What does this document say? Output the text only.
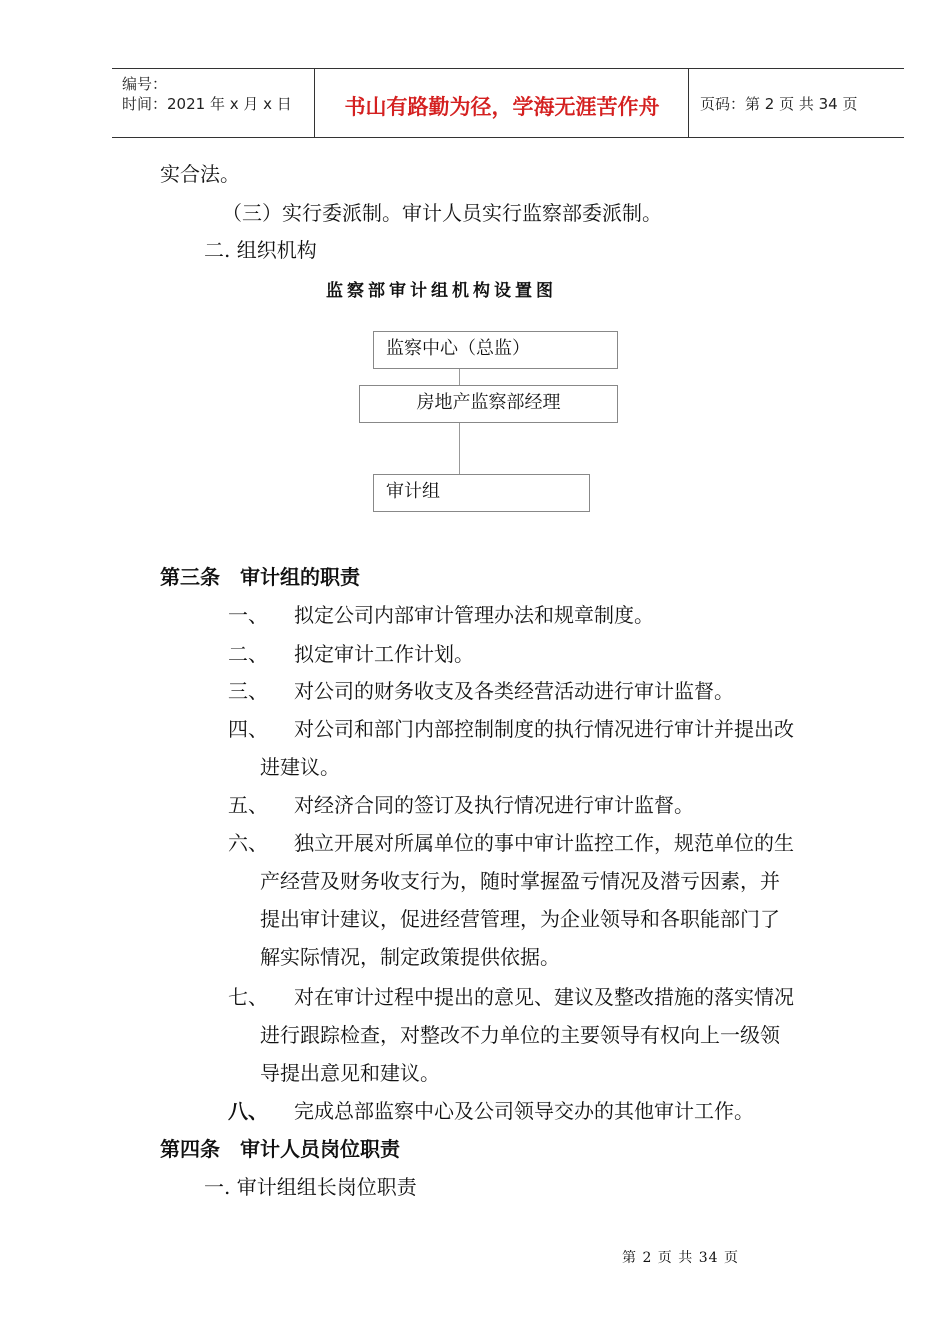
编号：
时间：2021 年 x 月 x 日	书山有路勤为径，学海无涯苦作舟	页码：第 2 页 共 34 页
实合法。
（三）实行委派制。审计人员实行监察部委派制。
二. 组织机构
监察部审计组机构设置图
监察中心（总监）
房地产监察部经理
审计组
第三条　审计组的职责
一、 拟定公司内部审计管理办法和规章制度。
二、 拟定审计工作计划。
三、 对公司的财务收支及各类经营活动进行审计监督。
四、 对公司和部门内部控制制度的执行情况进行审计并提出改
进建议。
五、 对经济合同的签订及执行情况进行审计监督。
六、 独立开展对所属单位的事中审计监控工作，规范单位的生
产经营及财务收支行为，随时掌握盈亏情况及潜亏因素，并
提出审计建议，促进经营管理，为企业领导和各职能部门了
解实际情况，制定政策提供依据。
七、 对在审计过程中提出的意见、建议及整改措施的落实情况
进行跟踪检查，对整改不力单位的主要领导有权向上一级领
导提出意见和建议。
八、 完成总部监察中心及公司领导交办的其他审计工作。
第四条　审计人员岗位职责
一. 审计组组长岗位职责
第 2 页 共 34 页
